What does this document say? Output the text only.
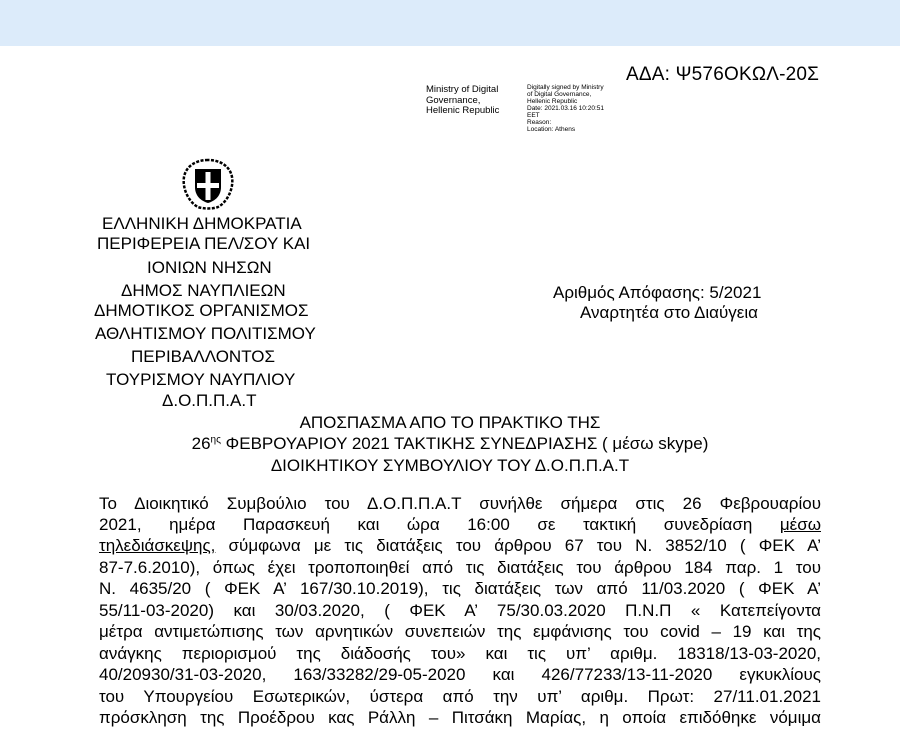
ΑΔΑ: Ψ576ΟΚΩΛ-20Σ
Ministry of Digital
Governance,
Hellenic Republic
Digitally signed by Ministry
of Digital Governance,
Hellenic Republic
Date: 2021.03.16 10:20:51
EET
Reason:
Location: Athens
ΕΛΛΗΝΙΚΗ ΔΗΜΟΚΡΑΤΙΑ
ΠΕΡΙΦΕΡΕΙΑ ΠΕΛ/ΣΟΥ ΚΑΙ
ΙΟΝΙΩΝ ΝΗΣΩΝ
ΔΗΜΟΣ ΝΑΥΠΛΙΕΩΝ
ΔΗΜΟΤΙΚΟΣ ΟΡΓΑΝΙΣΜΟΣ
ΑΘΛΗΤΙΣΜΟΥ ΠΟΛΙΤΙΣΜΟΥ
ΠΕΡΙΒΑΛΛΟΝΤΟΣ
ΤΟΥΡΙΣΜΟΥ ΝΑΥΠΛΙΟΥ
Δ.Ο.Π.Π.Α.Τ
Αριθμός Απόφασης: 5/2021
Αναρτητέα στο Διαύγεια
ΑΠΟΣΠΑΣΜΑ ΑΠΟ ΤΟ ΠΡΑΚΤΙΚΟ ΤΗΣ
$26^{\eta\varsigma}$ ΦΕΒΡΟΥΑΡΙΟΥ 2021 ΤΑΚΤΙΚΗΣ ΣΥΝΕΔΡΙΑΣΗΣ ( μέσω skype)
ΔΙΟΙΚΗΤΙΚΟΥ ΣΥΜΒΟΥΛΙΟΥ ΤΟΥ Δ.Ο.Π.Π.Α.Τ
Το Διοικητικό Συμβούλιο του Δ.Ο.Π.Π.Α.Τ συνήλθε σήμερα στις 26 Φεβρουαρίου
2021, ημέρα Παρασκευή και ώρα 16:00 σε τακτική συνεδρίαση μέσω
τηλεδιάσκεψης, σύμφωνα με τις διατάξεις του άρθρου 67 του Ν. 3852/10 ( ΦΕΚ Α’
87-7.6.2010), όπως έχει τροποποιηθεί από τις διατάξεις του άρθρου 184 παρ. 1 του
Ν. 4635/20 ( ΦΕΚ Α’ 167/30.10.2019), τις διατάξεις των από 11/03.2020 ( ΦΕΚ Α’
55/11-03-2020) και 30/03.2020, ( ΦΕΚ Α’ 75/30.03.2020 Π.Ν.Π « Κατεπείγοντα
μέτρα αντιμετώπισης των αρνητικών συνεπειών της εμφάνισης του covid – 19 και της
ανάγκης περιορισμού της διάδοσής του» και τις υπ’ αριθμ. 18318/13-03-2020,
40/20930/31-03-2020, 163/33282/29-05-2020 και 426/77233/13-11-2020 εγκυκλίους
του Υπουργείου Εσωτερικών, ύστερα από την υπ’ αριθμ. Πρωτ: 27/11.01.2021
πρόσκληση της Προέδρου κας Ράλλη – Πιτσάκη Μαρίας, η οποία επιδόθηκε νόμιμα
